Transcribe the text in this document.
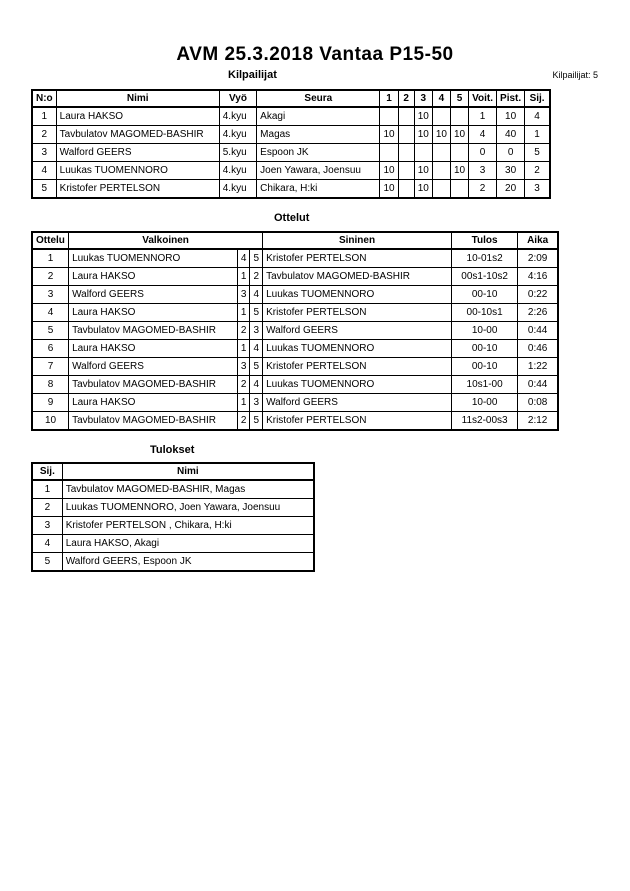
AVM 25.3.2018 Vantaa P15-50
Kilpailijat	Kilpailijat: 5
N:o	Nimi	Vyö	Seura	1	2	3	4	5	Voit.	Pist.	Sij.
1	Laura HAKSO	4.kyu	Akagi			10			1	10	4
2	Tavbulatov MAGOMED-BASHIR	4.kyu	Magas	10		10	10	10	4	40	1
3	Walford GEERS	5.kyu	Espoon JK						0	0	5
4	Luukas TUOMENNORO	4.kyu	Joen Yawara, Joensuu	10		10		10	3	30	2
5	Kristofer PERTELSON	4.kyu	Chikara, H:ki	10		10			2	20	3
Ottelut
Ottelu	Valkoinen			Sininen	Tulos	Aika
1	Luukas TUOMENNORO	4	5	Kristofer PERTELSON	10-01s2	2:09
2	Laura HAKSO	1	2	Tavbulatov MAGOMED-BASHIR	00s1-10s2	4:16
3	Walford GEERS	3	4	Luukas TUOMENNORO	00-10	0:22
4	Laura HAKSO	1	5	Kristofer PERTELSON	00-10s1	2:26
5	Tavbulatov MAGOMED-BASHIR	2	3	Walford GEERS	10-00	0:44
6	Laura HAKSO	1	4	Luukas TUOMENNORO	00-10	0:46
7	Walford GEERS	3	5	Kristofer PERTELSON	00-10	1:22
8	Tavbulatov MAGOMED-BASHIR	2	4	Luukas TUOMENNORO	10s1-00	0:44
9	Laura HAKSO	1	3	Walford GEERS	10-00	0:08
10	Tavbulatov MAGOMED-BASHIR	2	5	Kristofer PERTELSON	11s2-00s3	2:12
Tulokset
Sij.	Nimi
1	Tavbulatov MAGOMED-BASHIR, Magas
2	Luukas TUOMENNORO, Joen Yawara, Joensuu
3	Kristofer PERTELSON , Chikara, H:ki
4	Laura HAKSO, Akagi
5	Walford GEERS, Espoon JK
